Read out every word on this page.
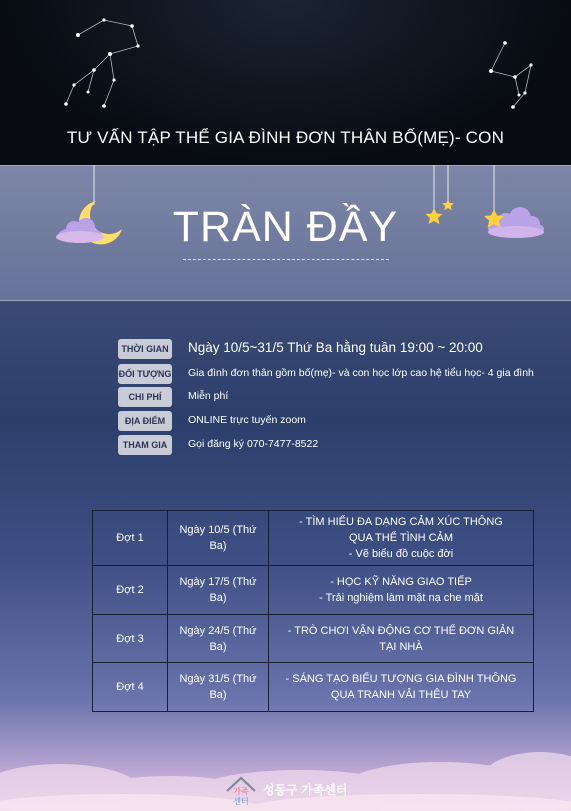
TƯ VẤN TẬP THỂ GIA ĐÌNH ĐƠN THÂN BỐ(MẸ)- CON
TRÀN ĐẦY
THỜI GIAN Ngày 10/5~31/5 Thứ Ba hằng tuần 19:00 ~ 20:00
ĐỐI TƯỢNG Gia đình đơn thân gồm bố(mẹ)- và con học lớp cao hệ tiểu học- 4 gia đình
CHI PHÍ	Miễn phí
ĐỊA ĐIỂM	ONLINE trực tuyến zoom
THAM GIA	Gọi đăng ký 070-7477-8522
Đợt 1	Ngày 10/5 (Thứ
Ba)	- TÌM HIỂU ĐA DẠNG CẢM XÚC THÔNG
QUA THỂ TÌNH CẢM
- Vẽ biểu đồ cuộc đời
Đợt 2	Ngày 17/5 (Thứ
Ba)	- HỌC KỸ NĂNG GIAO TIẾP
- Trải nghiệm làm mặt nạ che mặt
Đợt 3	Ngày 24/5 (Thứ
Ba)	- TRÒ CHƠI VẬN ĐỘNG CƠ THỂ ĐƠN GIẢN
TẠI NHÀ
Đợt 4	Ngày 31/5 (Thứ
Ba)	- SÁNG TẠO BIỂU TƯỢNG GIA ĐÌNH THÔNG
QUA TRANH VẢI THÊU TAY
가족
센터
성동구 가족센터
